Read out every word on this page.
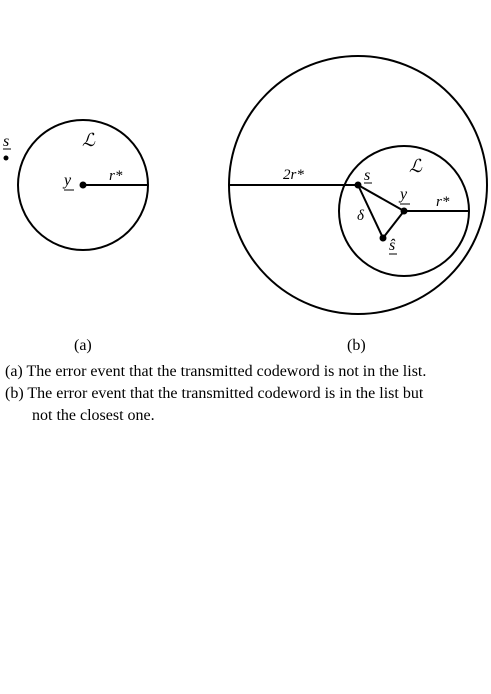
s	ℒ
y	r*
(a)
2r*	s ℒ
y r*
δ
ŝ
(b)
(a) The error event that the transmitted codeword is not in the list.
(b) The error event that the transmitted codeword is in the list but
not the closest one.
